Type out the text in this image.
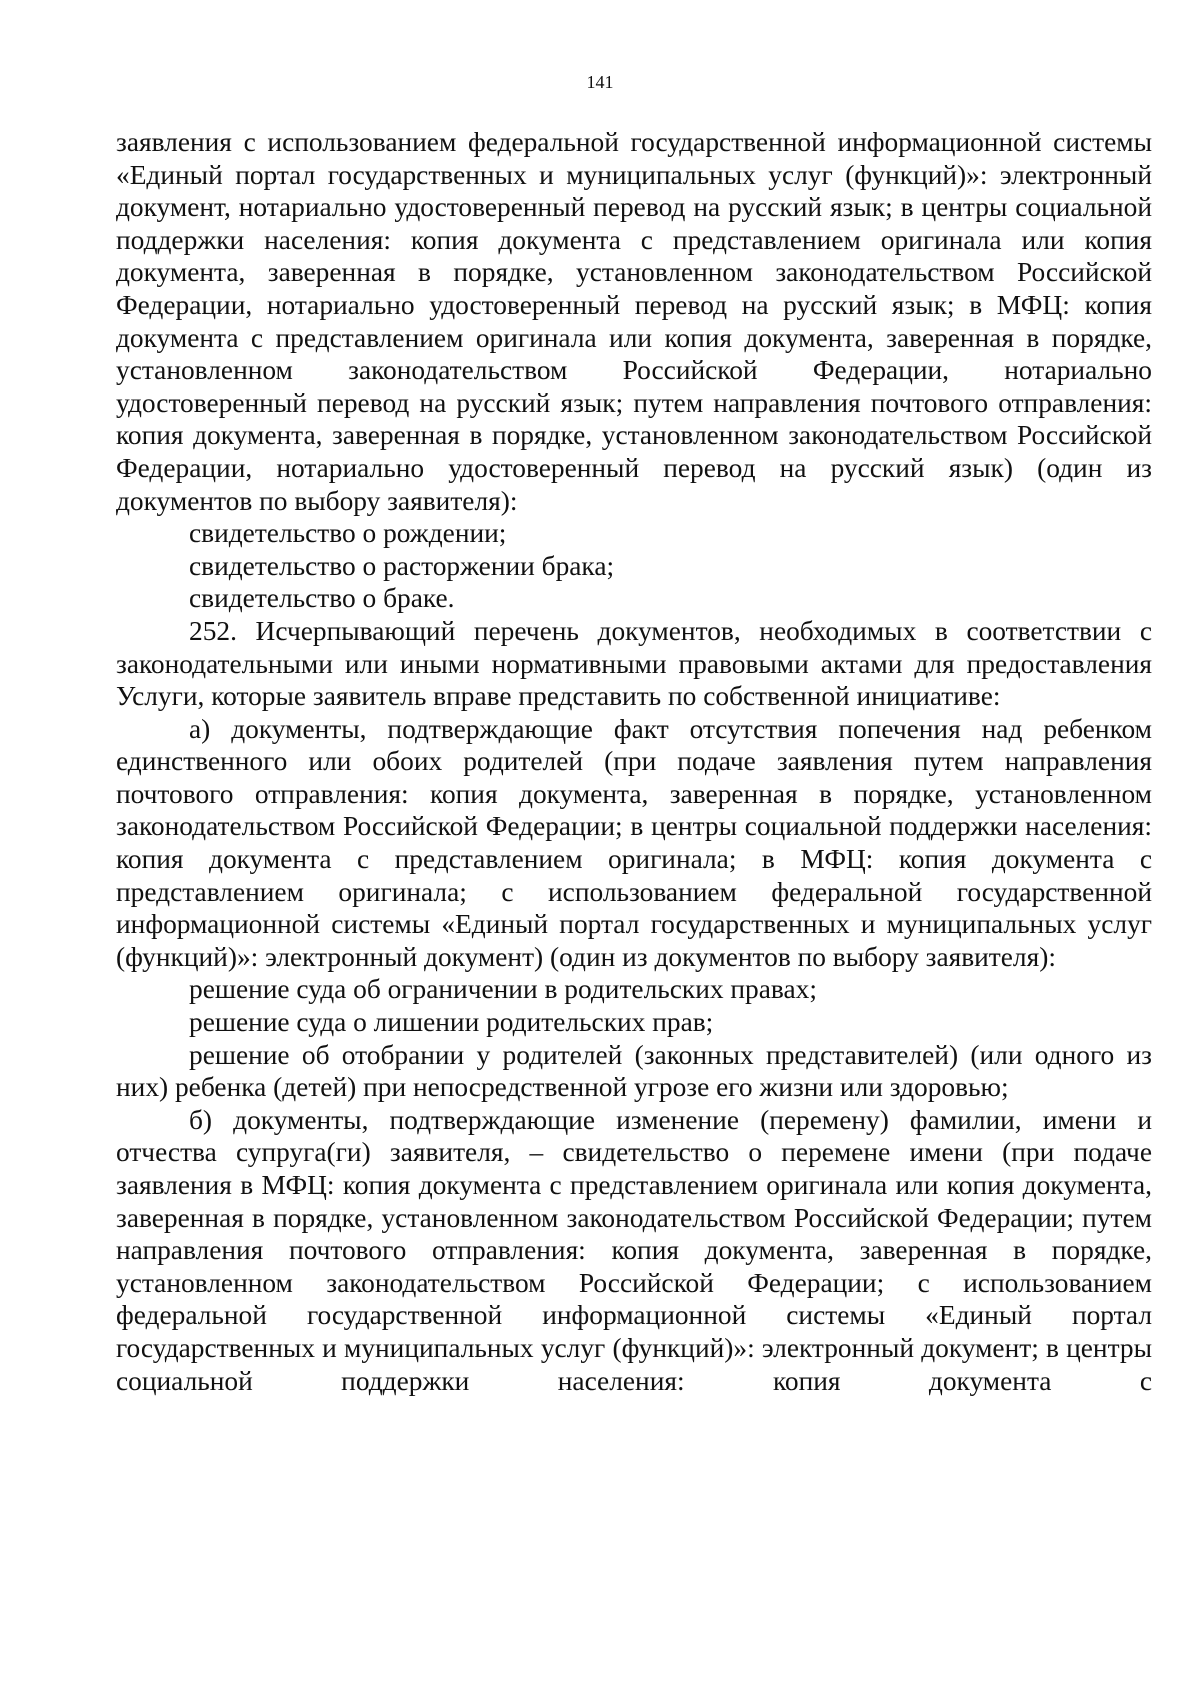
141

заявления с использованием федеральной государственной информационной системы «Единый портал государственных и муниципальных услуг (функций)»: электронный документ, нотариально удостоверенный перевод на русский язык; в центры социальной поддержки населения: копия документа с представлением оригинала или копия документа, заверенная в порядке, установленном законодательством Российской Федерации, нотариально удостоверенный перевод на русский язык; в МФЦ: копия документа с представлением оригинала или копия документа, заверенная в порядке, установленном законодательством Российской Федерации, нотариально удостоверенный перевод на русский язык; путем направления почтового отправления: копия документа, заверенная в порядке, установленном законодательством Российской Федерации, нотариально удостоверенный перевод на русский язык) (один из документов по выбору заявителя):

свидетельство о рождении;

свидетельство о расторжении брака;

свидетельство о браке.

252. Исчерпывающий перечень документов, необходимых в соответствии с законодательными или иными нормативными правовыми актами для предоставления Услуги, которые заявитель вправе представить по собственной инициативе:

а) документы, подтверждающие факт отсутствия попечения над ребенком единственного или обоих родителей (при подаче заявления путем направления почтового отправления: копия документа, заверенная в порядке, установленном законодательством Российской Федерации; в центры социальной поддержки населения: копия документа с представлением оригинала; в МФЦ: копия документа с представлением оригинала; с использованием федеральной государственной информационной системы «Единый портал государственных и муниципальных услуг (функций)»: электронный документ) (один из документов по выбору заявителя):

решение суда об ограничении в родительских правах;

решение суда о лишении родительских прав;

решение об отобрании у родителей (законных представителей) (или одного из них) ребенка (детей) при непосредственной угрозе его жизни или здоровью;

б) документы, подтверждающие изменение (перемену) фамилии, имени и отчества супруга(ги) заявителя, – свидетельство о перемене имени (при подаче заявления в МФЦ: копия документа с представлением оригинала или копия документа, заверенная в порядке, установленном законодательством Российской Федерации; путем направления почтового отправления: копия документа, заверенная в порядке, установленном законодательством Российской Федерации; с использованием федеральной государственной информационной системы «Единый портал государственных и муниципальных услуг (функций)»: электронный документ; в центры социальной поддержки населения: копия документа с
